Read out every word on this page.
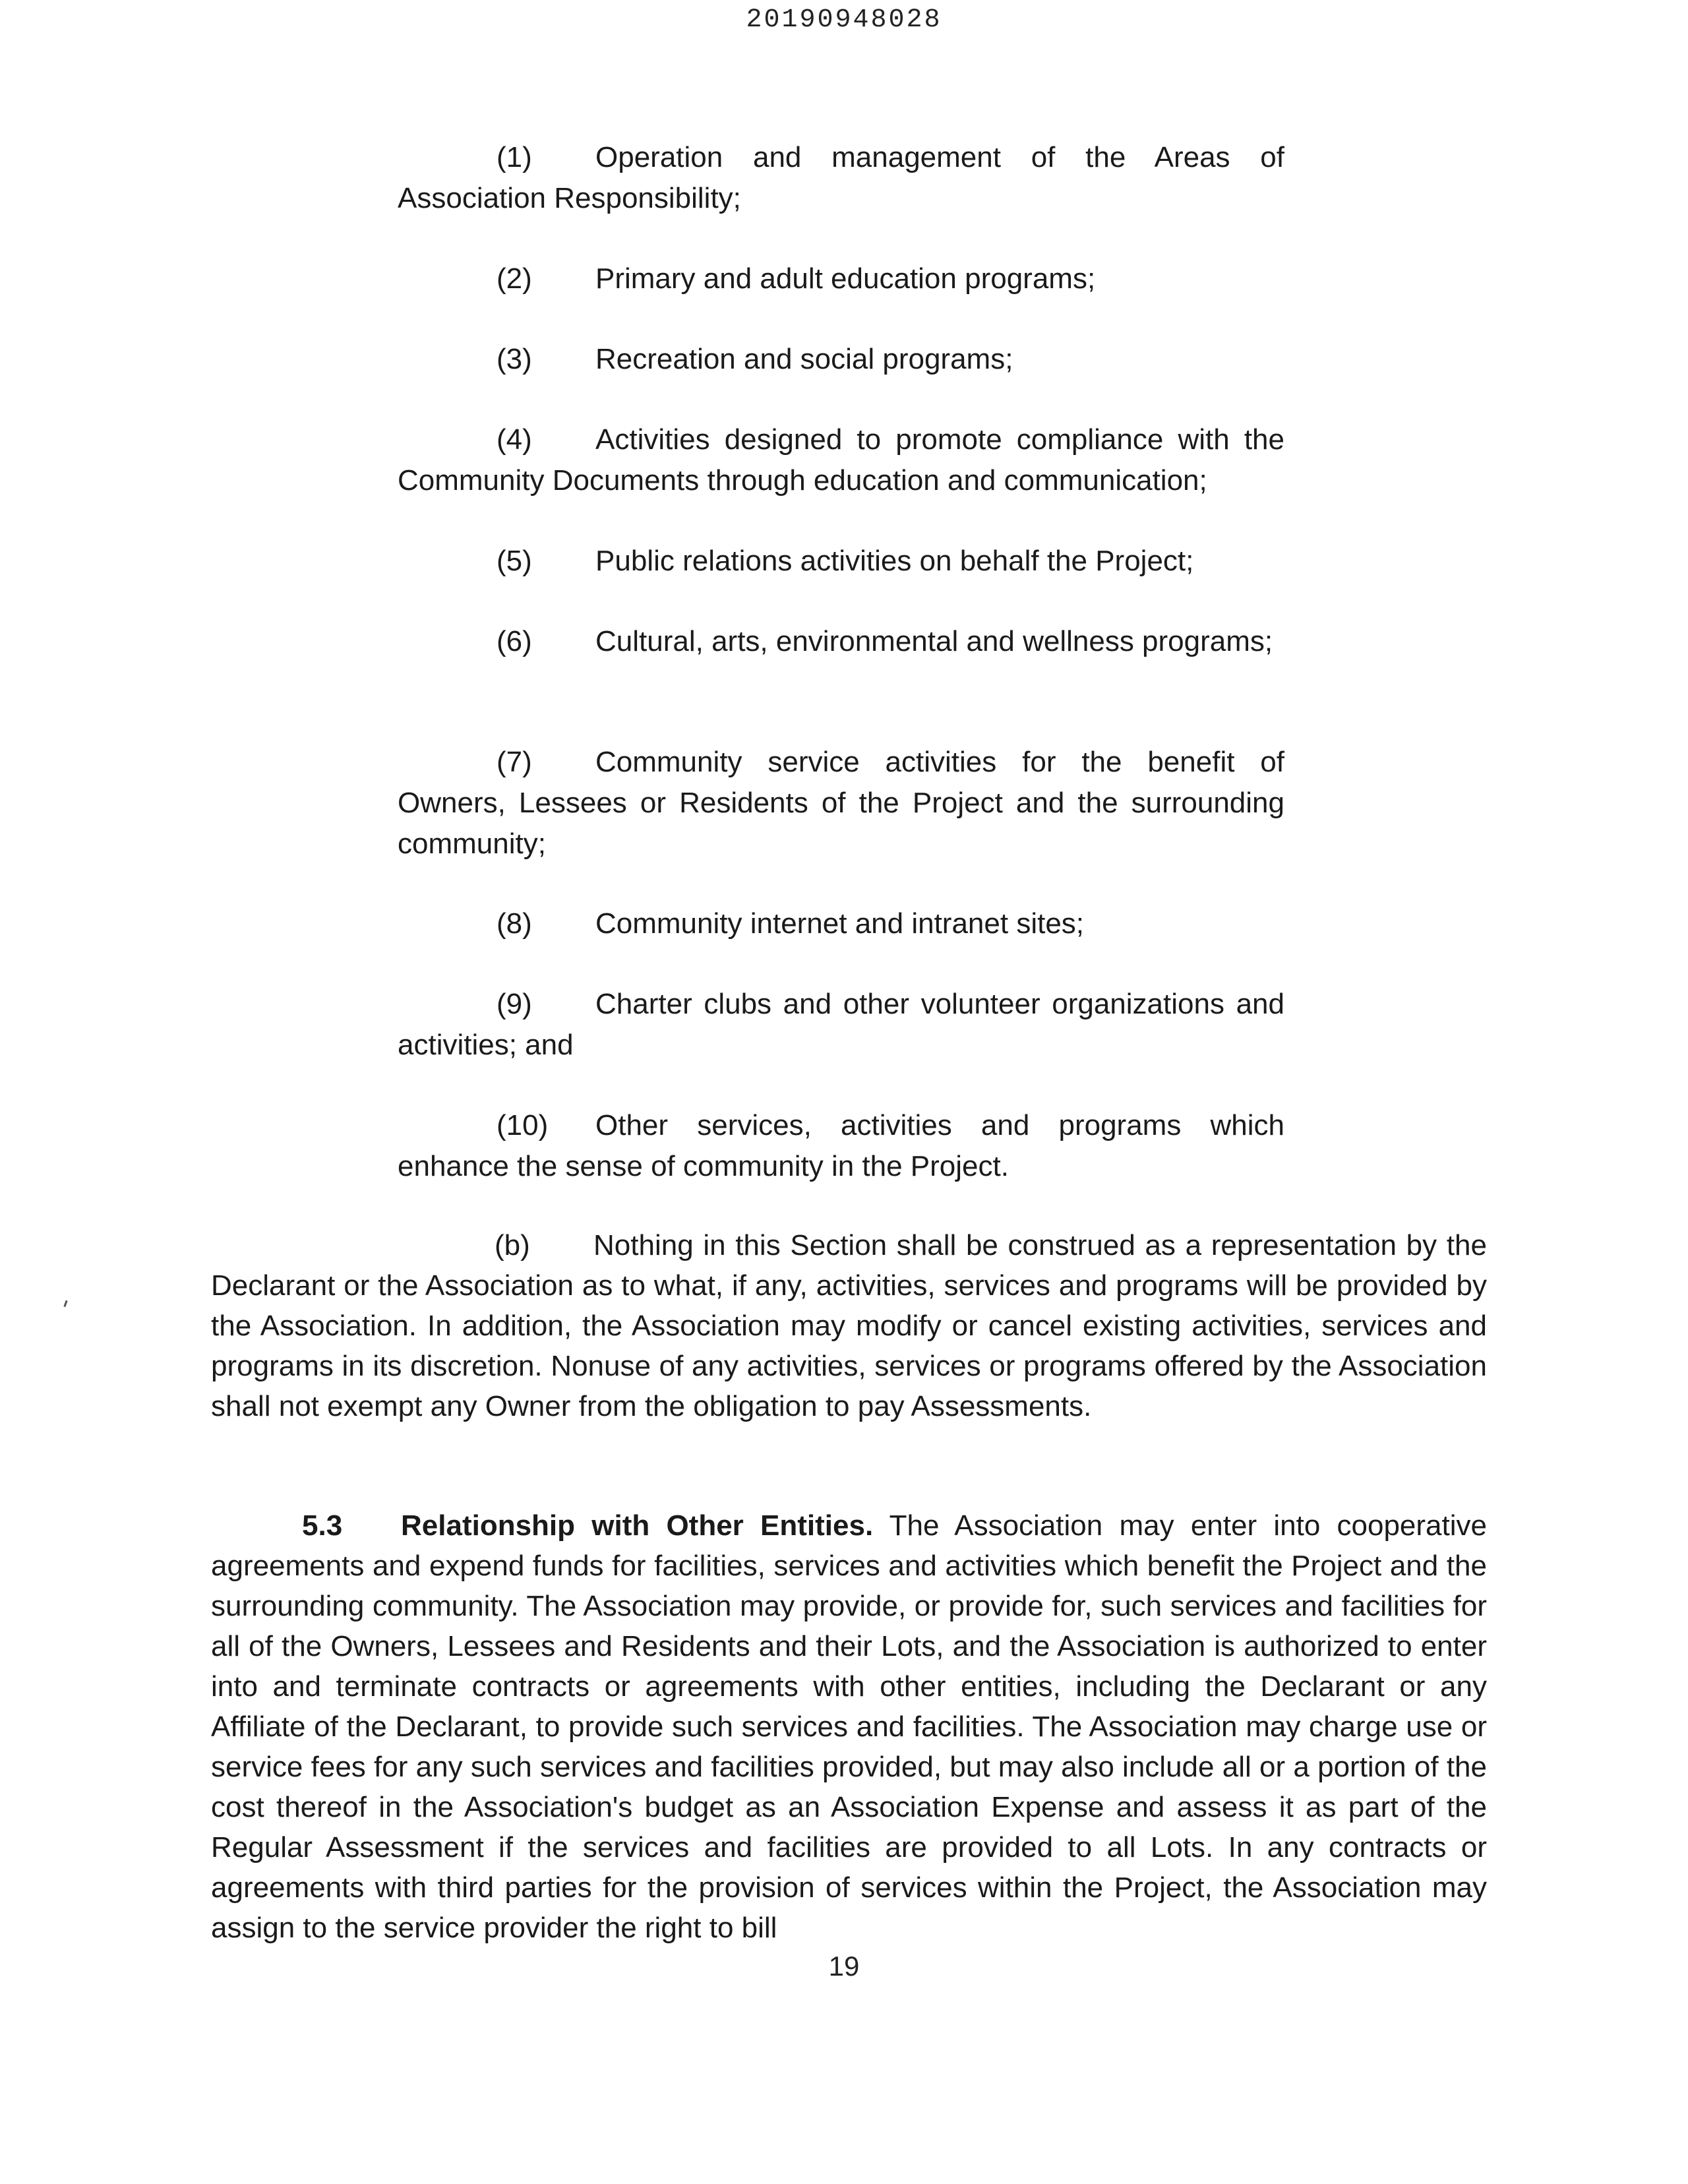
20190948028

(1) Operation and management of the Areas of Association Responsibility;

(2) Primary and adult education programs;

(3) Recreation and social programs;

(4) Activities designed to promote compliance with the Community Documents through education and communication;

(5) Public relations activities on behalf the Project;

(6) Cultural, arts, environmental and wellness programs;

(7) Community service activities for the benefit of Owners, Lessees or Residents of the Project and the surrounding community;

(8) Community internet and intranet sites;

(9) Charter clubs and other volunteer organizations and activities; and

(10) Other services, activities and programs which enhance the sense of community in the Project.

(b) Nothing in this Section shall be construed as a representation by the Declarant or the Association as to what, if any, activities, services and programs will be provided by the Association. In addition, the Association may modify or cancel existing activities, services and programs in its discretion. Nonuse of any activities, services or programs offered by the Association shall not exempt any Owner from the obligation to pay Assessments.

5.3 Relationship with Other Entities. The Association may enter into cooperative agreements and expend funds for facilities, services and activities which benefit the Project and the surrounding community. The Association may provide, or provide for, such services and facilities for all of the Owners, Lessees and Residents and their Lots, and the Association is authorized to enter into and terminate contracts or agreements with other entities, including the Declarant or any Affiliate of the Declarant, to provide such services and facilities. The Association may charge use or service fees for any such services and facilities provided, but may also include all or a portion of the cost thereof in the Association's budget as an Association Expense and assess it as part of the Regular Assessment if the services and facilities are provided to all Lots. In any contracts or agreements with third parties for the provision of services within the Project, the Association may assign to the service provider the right to bill

19
